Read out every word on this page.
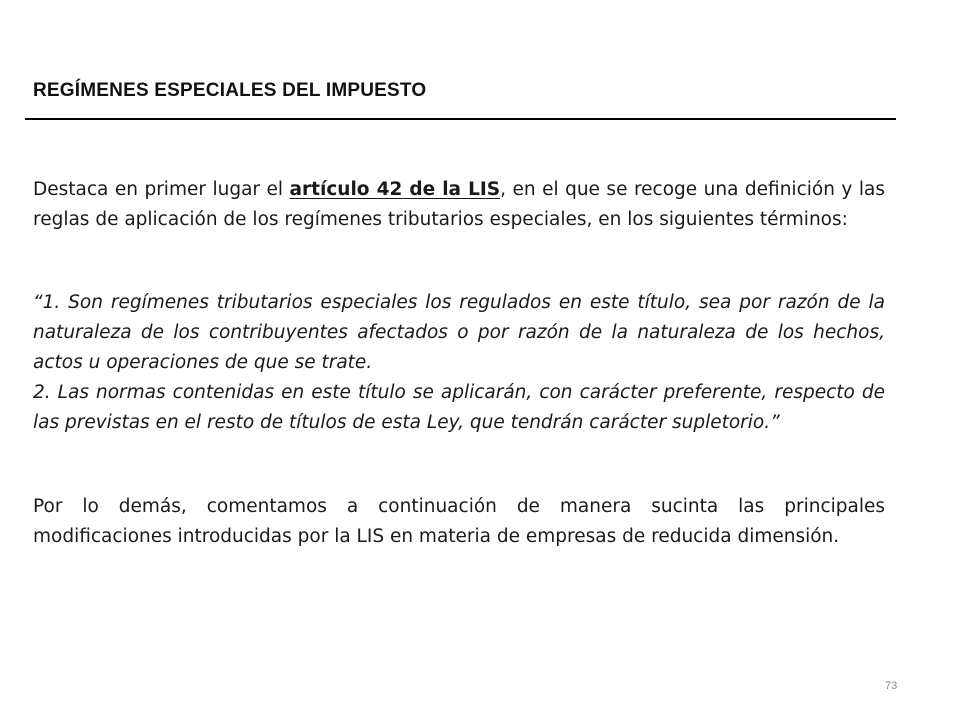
REGÍMENES ESPECIALES DEL IMPUESTO

Destaca en primer lugar el artículo 42 de la LIS, en el que se recoge una definición y las reglas de aplicación de los regímenes tributarios especiales, en los siguientes términos:

“1. Son regímenes tributarios especiales los regulados en este título, sea por razón de la naturaleza de los contribuyentes afectados o por razón de la naturaleza de los hechos, actos u operaciones de que se trate.

2. Las normas contenidas en este título se aplicarán, con carácter preferente, respecto de las previstas en el resto de títulos de esta Ley, que tendrán carácter supletorio.”

Por lo demás, comentamos a continuación de manera sucinta las principales modificaciones introducidas por la LIS en materia de empresas de reducida dimensión.

73
